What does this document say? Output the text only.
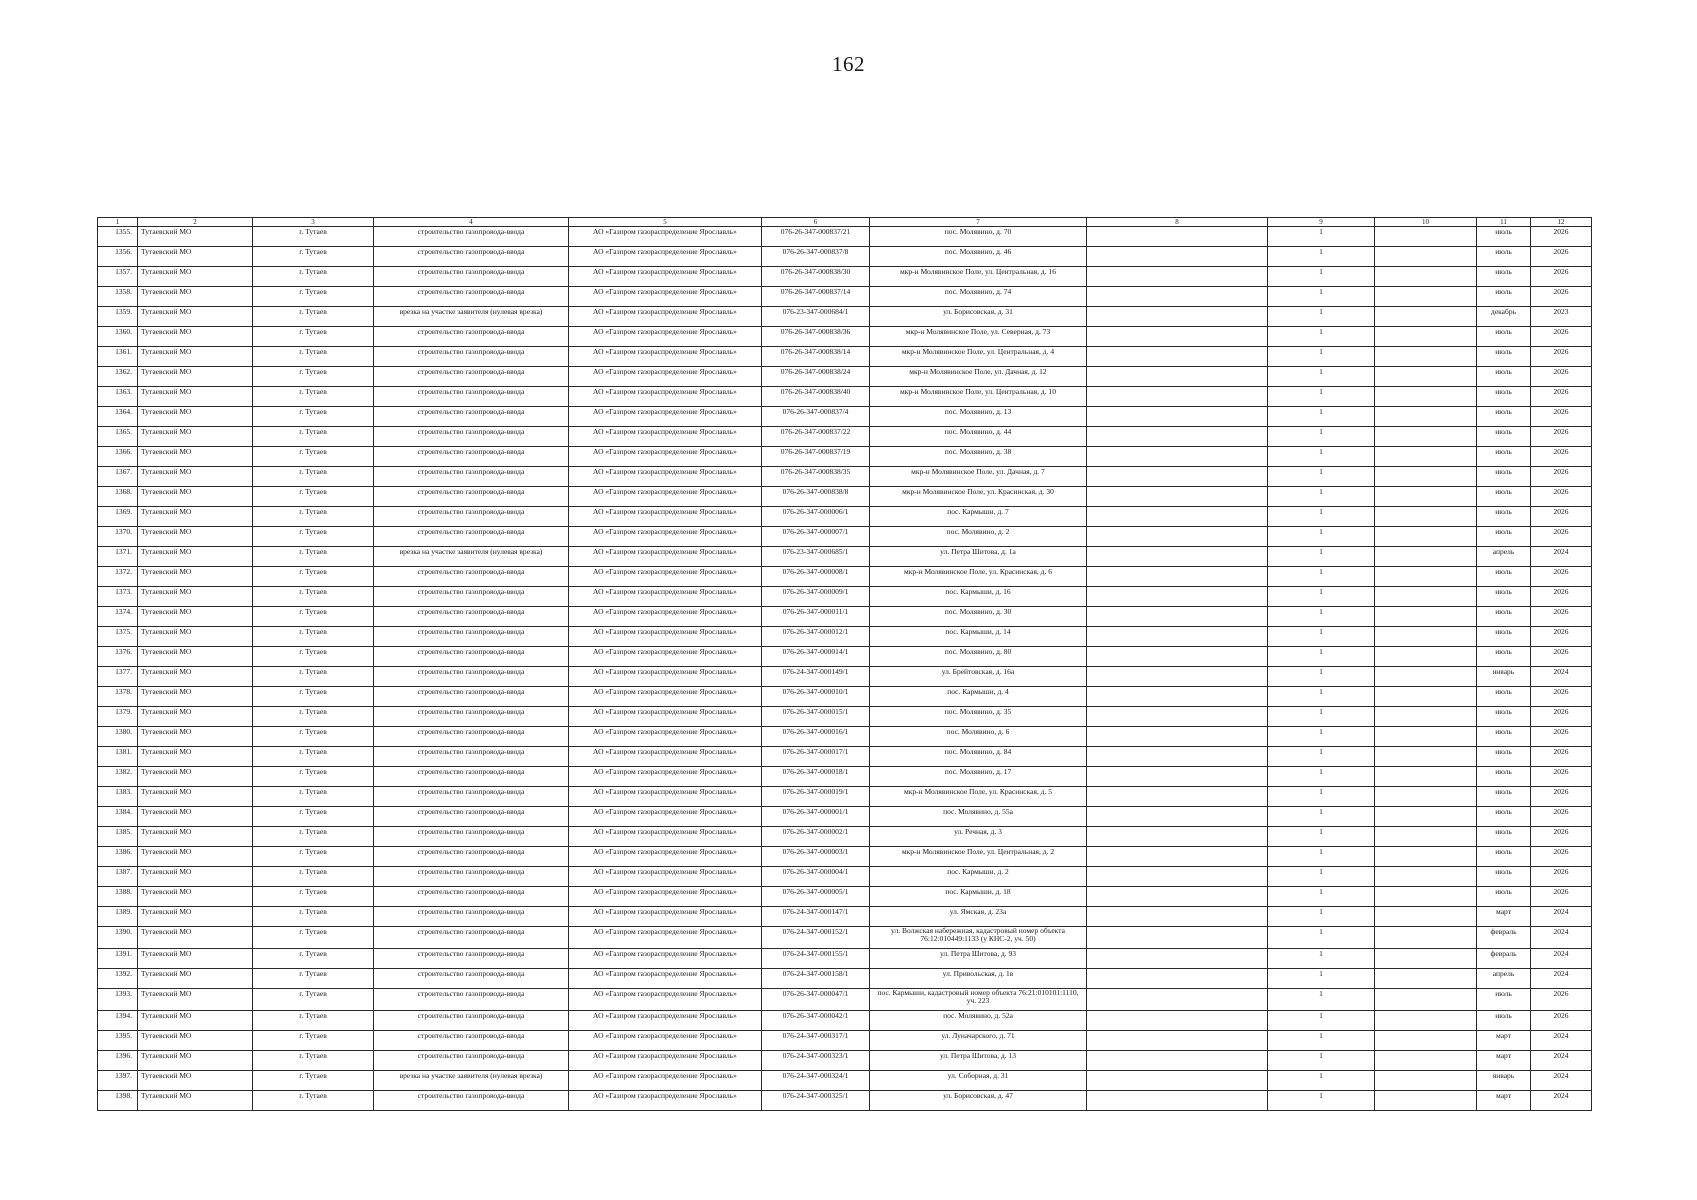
162
1	2	3	4	5	6	7	8	9	10	11	12
1355.	Тутаевский МО	г. Тутаев	строительство газопровода-ввода	АО «Газпром газораспределение Ярославль»	076-26-347-000837/21	пос. Молявино, д. 70		1		июль	2026
1356.	Тутаевский МО	г. Тутаев	строительство газопровода-ввода	АО «Газпром газораспределение Ярославль»	076-26-347-000837/8	пос. Молявино, д. 46		1		июль	2026
1357.	Тутаевский МО	г. Тутаев	строительство газопровода-ввода	АО «Газпром газораспределение Ярославль»	076-26-347-000838/30	мкр-н Молявинское Поле, ул. Центральная, д. 16		1		июль	2026
1358.	Тутаевский МО	г. Тутаев	строительство газопровода-ввода	АО «Газпром газораспределение Ярославль»	076-26-347-000837/14	пос. Молявино, д. 74		1		июль	2026
1359.	Тутаевский МО	г. Тутаев	врезка на участке заявителя (нулевая врезка)	АО «Газпром газораспределение Ярославль»	076-23-347-000684/1	ул. Борисовская, д. 31		1		декабрь	2023
1360.	Тутаевский МО	г. Тутаев	строительство газопровода-ввода	АО «Газпром газораспределение Ярославль»	076-26-347-000838/36	мкр-н Молявинское Поле, ул. Северная, д. 73		1		июль	2026
1361.	Тутаевский МО	г. Тутаев	строительство газопровода-ввода	АО «Газпром газораспределение Ярославль»	076-26-347-000838/14	мкр-н Молявинское Поле, ул. Центральная, д. 4		1		июль	2026
1362.	Тутаевский МО	г. Тутаев	строительство газопровода-ввода	АО «Газпром газораспределение Ярославль»	076-26-347-000838/24	мкр-н Молявинское Поле, ул. Дачная, д. 12		1		июль	2026
1363.	Тутаевский МО	г. Тутаев	строительство газопровода-ввода	АО «Газпром газораспределение Ярославль»	076-26-347-000838/40	мкр-н Молявинское Поле, ул. Центральная, д. 10		1		июль	2026
1364.	Тутаевский МО	г. Тутаев	строительство газопровода-ввода	АО «Газпром газораспределение Ярославль»	076-26-347-000837/4	пос. Молявино, д. 13		1		июль	2026
1365.	Тутаевский МО	г. Тутаев	строительство газопровода-ввода	АО «Газпром газораспределение Ярославль»	076-26-347-000837/22	пос. Молявино, д. 44		1		июль	2026
1366.	Тутаевский МО	г. Тутаев	строительство газопровода-ввода	АО «Газпром газораспределение Ярославль»	076-26-347-000837/19	пос. Молявино, д. 38		1		июль	2026
1367.	Тутаевский МО	г. Тутаев	строительство газопровода-ввода	АО «Газпром газораспределение Ярославль»	076-26-347-000838/35	мкр-н Молявинское Поле, ул. Дачная, д. 7		1		июль	2026
1368.	Тутаевский МО	г. Тутаев	строительство газопровода-ввода	АО «Газпром газораспределение Ярославль»	076-26-347-000838/8	мкр-н Молявинское Поле, ул. Красинская, д. 30		1		июль	2026
1369.	Тутаевский МО	г. Тутаев	строительство газопровода-ввода	АО «Газпром газораспределение Ярославль»	076-26-347-000006/1	пос. Кармыши, д. 7		1		июль	2026
1370.	Тутаевский МО	г. Тутаев	строительство газопровода-ввода	АО «Газпром газораспределение Ярославль»	076-26-347-000007/1	пос. Молявино, д. 2		1		июль	2026
1371.	Тутаевский МО	г. Тутаев	врезка на участке заявителя (нулевая врезка)	АО «Газпром газораспределение Ярославль»	076-23-347-000685/1	ул. Петра Шитова, д. 1а		1		апрель	2024
1372.	Тутаевский МО	г. Тутаев	строительство газопровода-ввода	АО «Газпром газораспределение Ярославль»	076-26-347-000008/1	мкр-н Молявинское Поле, ул. Красинская, д. 6		1		июль	2026
1373.	Тутаевский МО	г. Тутаев	строительство газопровода-ввода	АО «Газпром газораспределение Ярославль»	076-26-347-000009/1	пос. Кармыши, д. 16		1		июль	2026
1374.	Тутаевский МО	г. Тутаев	строительство газопровода-ввода	АО «Газпром газораспределение Ярославль»	076-26-347-000011/1	пос. Молявино, д. 30		1		июль	2026
1375.	Тутаевский МО	г. Тутаев	строительство газопровода-ввода	АО «Газпром газораспределение Ярославль»	076-26-347-000012/1	пос. Кармыши, д. 14		1		июль	2026
1376.	Тутаевский МО	г. Тутаев	строительство газопровода-ввода	АО «Газпром газораспределение Ярославль»	076-26-347-000014/1	пос. Молявино, д. 80		1		июль	2026
1377.	Тутаевский МО	г. Тутаев	строительство газопровода-ввода	АО «Газпром газораспределение Ярославль»	076-24-347-000149/1	ул. Брейтовская, д. 16а		1		январь	2024
1378.	Тутаевский МО	г. Тутаев	строительство газопровода-ввода	АО «Газпром газораспределение Ярославль»	076-26-347-000010/1	пос. Кармыши, д. 4		1		июль	2026
1379.	Тутаевский МО	г. Тутаев	строительство газопровода-ввода	АО «Газпром газораспределение Ярославль»	076-26-347-000015/1	пос. Молявино, д. 35		1		июль	2026
1380.	Тутаевский МО	г. Тутаев	строительство газопровода-ввода	АО «Газпром газораспределение Ярославль»	076-26-347-000016/1	пос. Молявино, д. 6		1		июль	2026
1381.	Тутаевский МО	г. Тутаев	строительство газопровода-ввода	АО «Газпром газораспределение Ярославль»	076-26-347-000017/1	пос. Молявино, д. 84		1		июль	2026
1382.	Тутаевский МО	г. Тутаев	строительство газопровода-ввода	АО «Газпром газораспределение Ярославль»	076-26-347-000018/1	пос. Молявино, д. 17		1		июль	2026
1383.	Тутаевский МО	г. Тутаев	строительство газопровода-ввода	АО «Газпром газораспределение Ярославль»	076-26-347-000019/1	мкр-н Молявинское Поле, ул. Красинская, д. 5		1		июль	2026
1384.	Тутаевский МО	г. Тутаев	строительство газопровода-ввода	АО «Газпром газораспределение Ярославль»	076-26-347-000001/1	пос. Молявино, д. 55а		1		июль	2026
1385.	Тутаевский МО	г. Тутаев	строительство газопровода-ввода	АО «Газпром газораспределение Ярославль»	076-26-347-000002/1	ул. Речная, д. 3		1		июль	2026
1386.	Тутаевский МО	г. Тутаев	строительство газопровода-ввода	АО «Газпром газораспределение Ярославль»	076-26-347-000003/1	мкр-н Молявинское Поле, ул. Центральная, д. 2		1		июль	2026
1387.	Тутаевский МО	г. Тутаев	строительство газопровода-ввода	АО «Газпром газораспределение Ярославль»	076-26-347-000004/1	пос. Кармыши, д. 2		1		июль	2026
1388.	Тутаевский МО	г. Тутаев	строительство газопровода-ввода	АО «Газпром газораспределение Ярославль»	076-26-347-000005/1	пос. Кармыши, д. 18		1		июль	2026
1389.	Тутаевский МО	г. Тутаев	строительство газопровода-ввода	АО «Газпром газораспределение Ярославль»	076-24-347-000147/1	ул. Ямская, д. 23а		1		март	2024
1390.	Тутаевский МО	г. Тутаев	строительство газопровода-ввода	АО «Газпром газораспределение Ярославль»	076-24-347-000152/1	ул. Волжская набережная, кадастровый номер объекта 76:12:010449:1133 (у КНС-2, уч. 50)		1		февраль	2024
1391.	Тутаевский МО	г. Тутаев	строительство газопровода-ввода	АО «Газпром газораспределение Ярославль»	076-24-347-000155/1	ул. Петра Шитова, д. 93		1		февраль	2024
1392.	Тутаевский МО	г. Тутаев	строительство газопровода-ввода	АО «Газпром газораспределение Ярославль»	076-24-347-000158/1	ул. Привольская, д. 1в		1		апрель	2024
1393.	Тутаевский МО	г. Тутаев	строительство газопровода-ввода	АО «Газпром газораспределение Ярославль»	076-26-347-000047/1	пос. Кармыши, кадастровый номер объекта 76:21:010101:1110, уч. 223		1		июль	2026
1394.	Тутаевский МО	г. Тутаев	строительство газопровода-ввода	АО «Газпром газораспределение Ярославль»	076-26-347-000042/1	пос. Молявино, д. 52а		1		июль	2026
1395.	Тутаевский МО	г. Тутаев	строительство газопровода-ввода	АО «Газпром газораспределение Ярославль»	076-24-347-000317/1	ул. Луначарского, д. 71		1		март	2024
1396.	Тутаевский МО	г. Тутаев	строительство газопровода-ввода	АО «Газпром газораспределение Ярославль»	076-24-347-000323/1	ул. Петра Шитова, д. 13		1		март	2024
1397.	Тутаевский МО	г. Тутаев	врезка на участке заявителя (нулевая врезка)	АО «Газпром газораспределение Ярославль»	076-24-347-000324/1	ул. Соборная, д. 31		1		январь	2024
1398.	Тутаевский МО	г. Тутаев	строительство газопровода-ввода	АО «Газпром газораспределение Ярославль»	076-24-347-000325/1	ул. Борисовская, д. 47		1		март	2024
